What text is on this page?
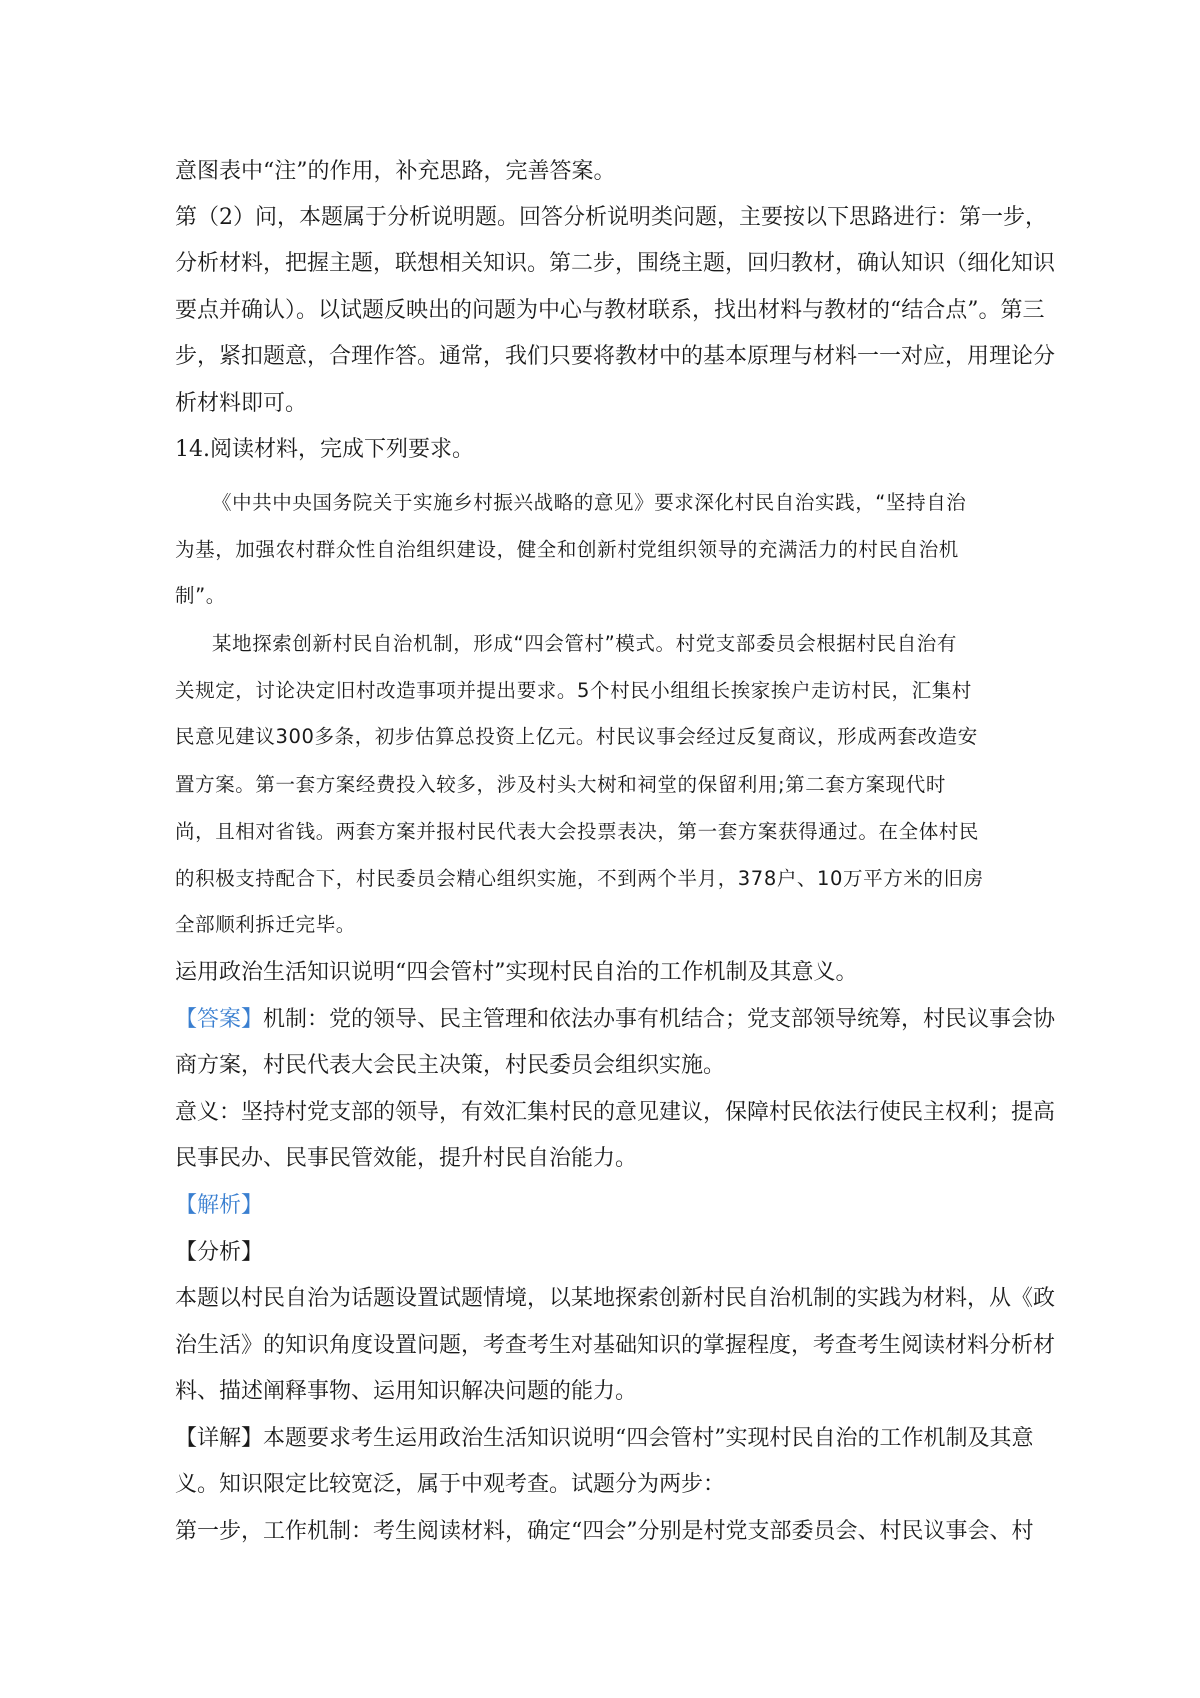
意图表中“注”的作用，补充思路，完善答案。
第（2）问，本题属于分析说明题。回答分析说明类问题，主要按以下思路进行：第一步，
分析材料，把握主题，联想相关知识。第二步，围绕主题，回归教材，确认知识（细化知识
要点并确认）。以试题反映出的问题为中心与教材联系，找出材料与教材的“结合点”。第三
步，紧扣题意，合理作答。通常，我们只要将教材中的基本原理与材料一一对应，用理论分
析材料即可。
14.阅读材料，完成下列要求。
《中共中央国务院关于实施乡村振兴战略的意见》要求深化村民自治实践，“坚持自治
为基，加强农村群众性自治组织建设，健全和创新村党组织领导的充满活力的村民自治机
制”。
某地探索创新村民自治机制，形成“四会管村”模式。村党支部委员会根据村民自治有
关规定，讨论决定旧村改造事项并提出要求。5个村民小组组长挨家挨户走访村民，汇集村
民意见建议300多条，初步估算总投资上亿元。村民议事会经过反复商议，形成两套改造安
置方案。第一套方案经费投入较多，涉及村头大树和祠堂的保留利用;第二套方案现代时
尚，且相对省钱。两套方案并报村民代表大会投票表决，第一套方案获得通过。在全体村民
的积极支持配合下，村民委员会精心组织实施，不到两个半月，378户、10万平方米的旧房
全部顺利拆迁完毕。
运用政治生活知识说明“四会管村”实现村民自治的工作机制及其意义。
【答案】机制：党的领导、民主管理和依法办事有机结合；党支部领导统筹，村民议事会协
商方案，村民代表大会民主决策，村民委员会组织实施。
意义：坚持村党支部的领导，有效汇集村民的意见建议，保障村民依法行使民主权利；提高
民事民办、民事民管效能，提升村民自治能力。
【解析】
【分析】
本题以村民自治为话题设置试题情境，以某地探索创新村民自治机制的实践为材料，从《政
治生活》的知识角度设置问题，考查考生对基础知识的掌握程度，考查考生阅读材料分析材
料、描述阐释事物、运用知识解决问题的能力。
【详解】本题要求考生运用政治生活知识说明“四会管村”实现村民自治的工作机制及其意
义。知识限定比较宽泛，属于中观考查。试题分为两步：
第一步，工作机制：考生阅读材料，确定“四会”分别是村党支部委员会、村民议事会、村
